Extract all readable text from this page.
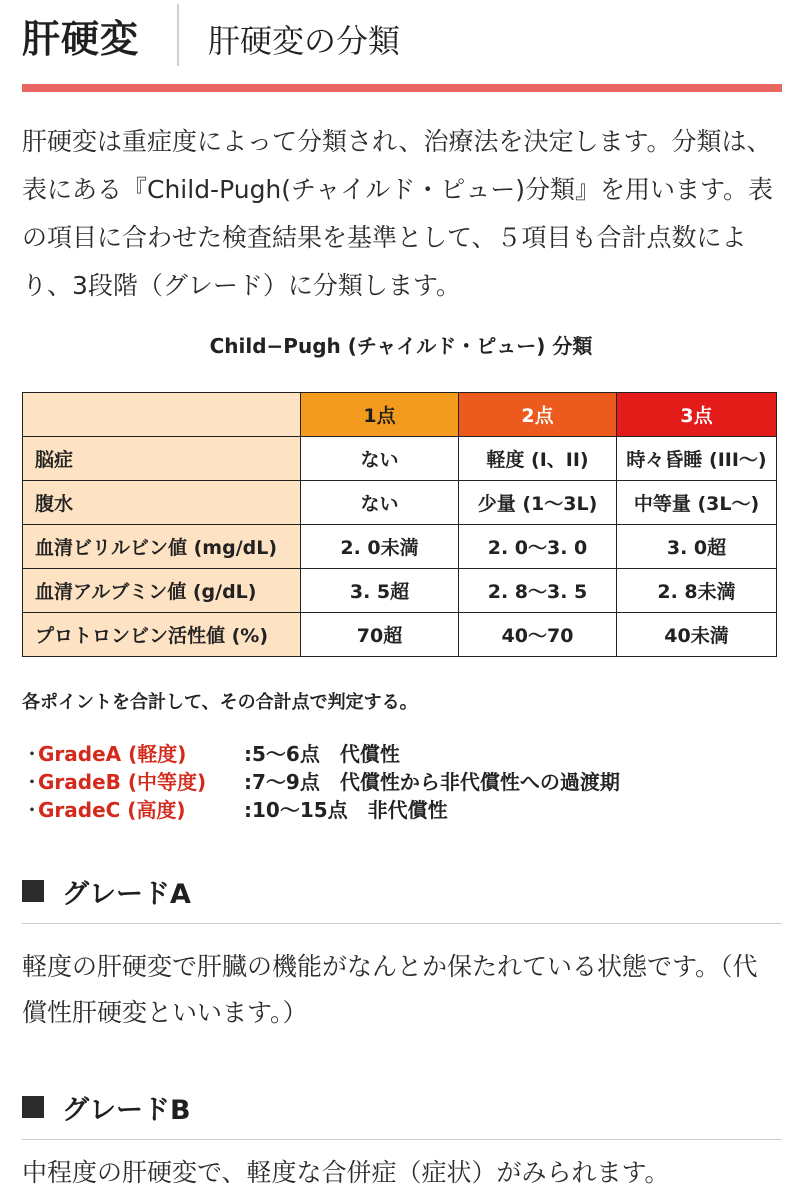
肝硬変 肝硬変の分類

肝硬変は重症度によって分類され、治療法を決定します。分類は、表にある『Child-Pugh(チャイルド・ピュー)分類』を用います。表の項目に合わせた検査結果を基準として、５項目も合計点数により、3段階（グレード）に分類します。

Child−Pugh (チャイルド・ピュー) 分類
	1点	2点	3点
脳症	ない	軽度 (I、II)	時々昏睡 (III〜)
腹水	ない	少量 (1〜3L)	中等量 (3L〜)
血清ビリルビン値 (mg/dL)	2. 0未満	2. 0〜3. 0	3. 0超
血清アルブミン値 (g/dL)	3. 5超	2. 8〜3. 5	2. 8未満
プロトロンビン活性値 (%)	70超	40〜70	40未満
各ポイントを合計して、その合計点で判定する。
・GradeA (軽度)	:5〜6点　代償性
・GradeB (中等度) :7〜9点　代償性から非代償性への過渡期
・GradeC (高度)	:10〜15点　非代償性
グレードA

軽度の肝硬変で肝臓の機能がなんとか保たれている状態です。（代償性肝硬変といいます。）

グレードB

中程度の肝硬変で、軽度な合併症（症状）がみられます。
